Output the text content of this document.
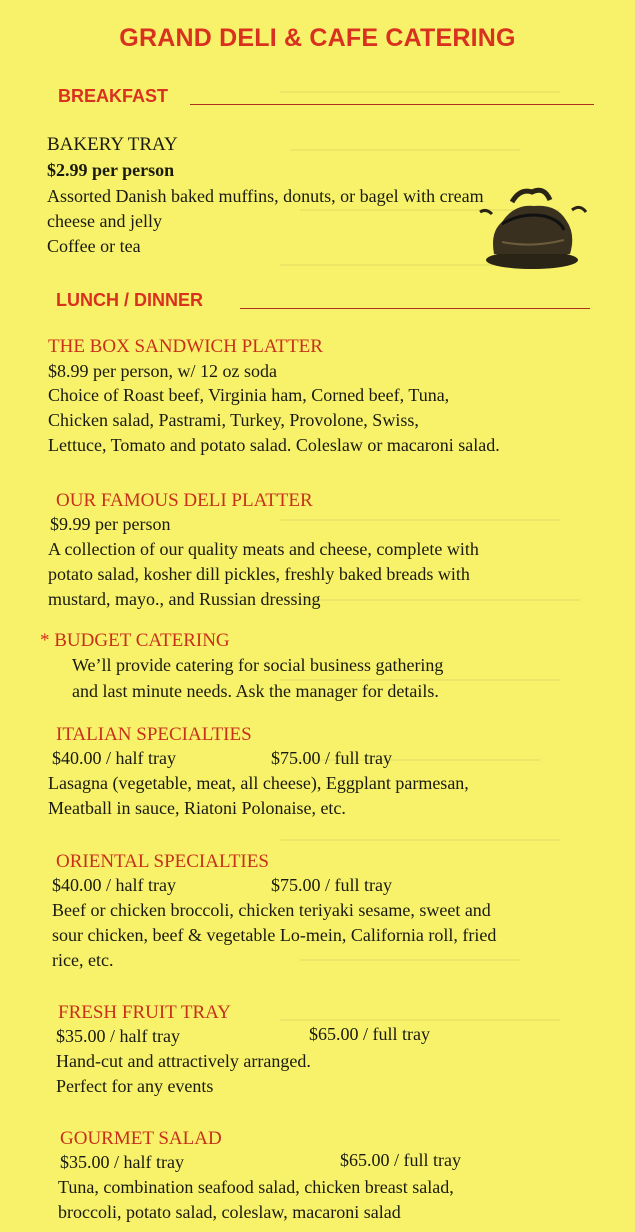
GRAND DELI & CAFE CATERING
BREAKFAST
BAKERY TRAY
$2.99 per person
Assorted Danish baked muffins, donuts, or bagel with cream
cheese and jelly
Coffee or tea
LUNCH / DINNER
THE BOX SANDWICH PLATTER
$8.99 per person, w/ 12 oz soda
Choice of Roast beef, Virginia ham, Corned beef, Tuna,
Chicken salad, Pastrami, Turkey, Provolone, Swiss,
Lettuce, Tomato and potato salad. Coleslaw or macaroni salad.
OUR FAMOUS DELI PLATTER
$9.99 per person
A collection of our quality meats and cheese, complete with
potato salad, kosher dill pickles, freshly baked breads with
mustard, mayo., and Russian dressing
* BUDGET CATERING
We’ll provide catering for social business gathering
and last minute needs. Ask the manager for details.
ITALIAN SPECIALTIES
$40.00 / half tray	$75.00 / full tray
Lasagna (vegetable, meat, all cheese), Eggplant parmesan,
Meatball in sauce, Riatoni Polonaise, etc.
ORIENTAL SPECIALTIES
$40.00 / half tray	$75.00 / full tray
Beef or chicken broccoli, chicken teriyaki sesame, sweet and
sour chicken, beef & vegetable Lo-mein, California roll, fried
rice, etc.
FRESH FRUIT TRAY
$35.00 / half tray	$65.00 / full tray
Hand-cut and attractively arranged.
Perfect for any events
GOURMET SALAD
$35.00 / half tray	$65.00 / full tray
Tuna, combination seafood salad, chicken breast salad,
broccoli, potato salad, coleslaw, macaroni salad
